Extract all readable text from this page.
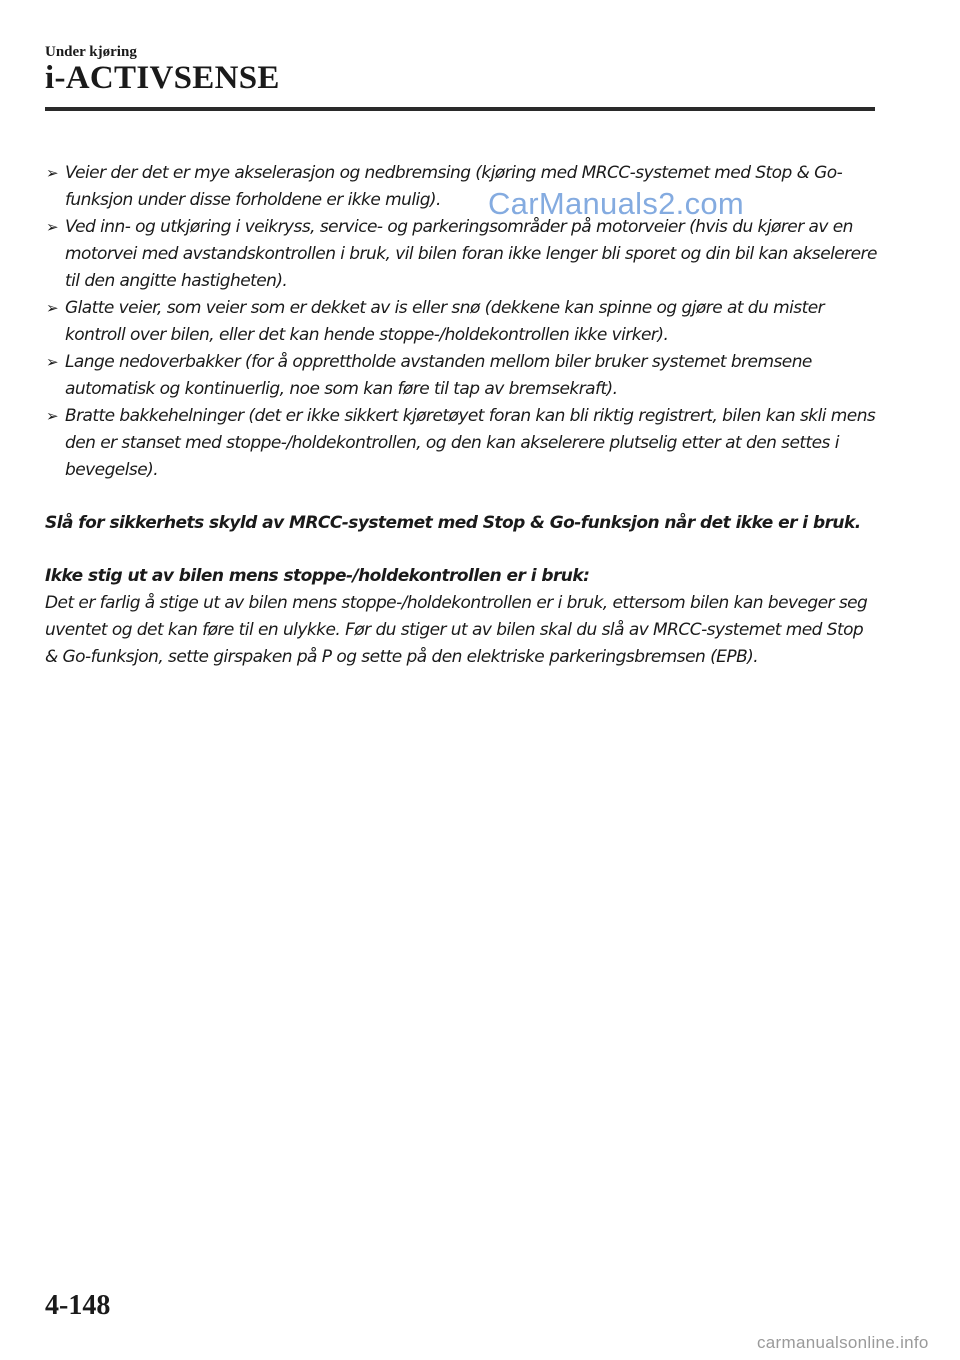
Under kjøring
i-ACTIVSENSE
➢ Veier der det er mye akselerasjon og nedbremsing (kjøring med MRCC-systemet med Stop & Go-funksjon under disse forholdene er ikke mulig).
➢ Ved inn- og utkjøring i veikryss, service- og parkeringsområder på motorveier (hvis du kjører av en motorvei med avstandskontrollen i bruk, vil bilen foran ikke lenger bli sporet og din bil kan akselerere til den angitte hastigheten).
➢ Glatte veier, som veier som er dekket av is eller snø (dekkene kan spinne og gjøre at du mister kontroll over bilen, eller det kan hende stoppe-/holdekontrollen ikke virker).
➢ Lange nedoverbakker (for å opprettholde avstanden mellom biler bruker systemet bremsene automatisk og kontinuerlig, noe som kan føre til tap av bremsekraft).
➢ Bratte bakkehelninger (det er ikke sikkert kjøretøyet foran kan bli riktig registrert, bilen kan skli mens den er stanset med stoppe-/holdekontrollen, og den kan akselerere plutselig etter at den settes i bevegelse).
Slå for sikkerhets skyld av MRCC-systemet med Stop & Go-funksjon når det ikke er i bruk.
Ikke stig ut av bilen mens stoppe-/holdekontrollen er i bruk:

Det er farlig å stige ut av bilen mens stoppe-/holdekontrollen er i bruk, ettersom bilen kan beveger seg uventet og det kan føre til en ulykke. Før du stiger ut av bilen skal du slå av MRCC-systemet med Stop & Go-funksjon, sette girspaken på P og sette på den elektriske parkeringsbremsen (EPB).

CarManuals2.com
4-148
carmanualsonline.info
